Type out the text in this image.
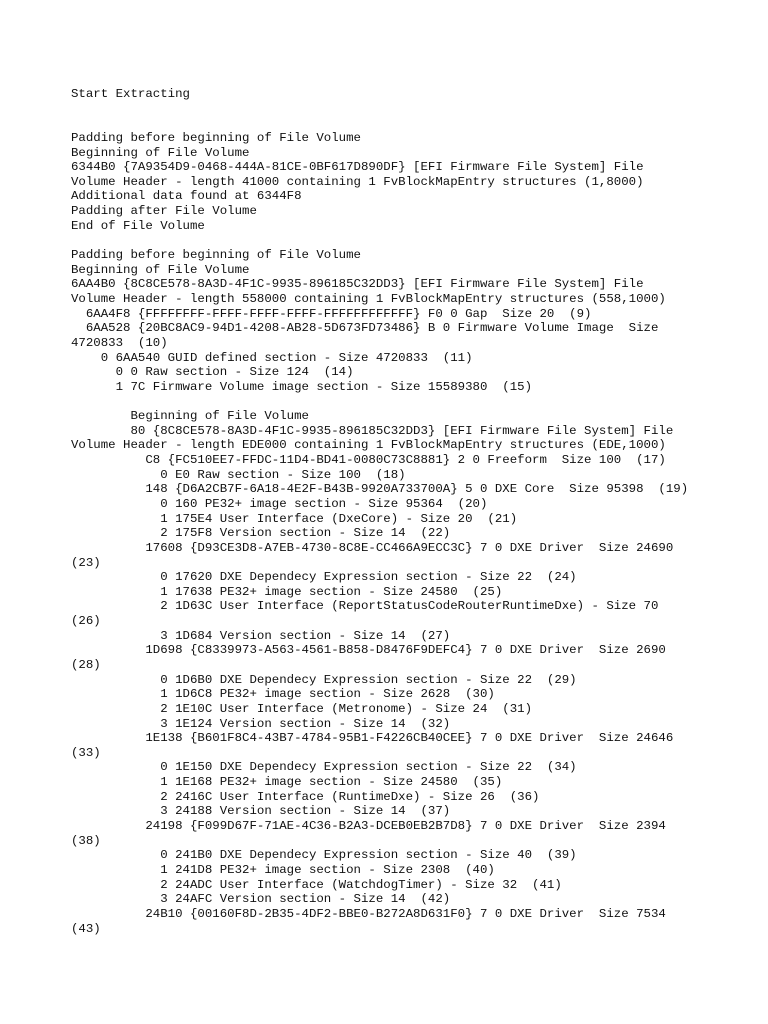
Start Extracting
Padding before beginning of File Volume
Beginning of File Volume
6344B0 {7A9354D9-0468-444A-81CE-0BF617D890DF} [EFI Firmware File System] File
Volume Header - length 41000 containing 1 FvBlockMapEntry structures (1,8000)
Additional data found at 6344F8
Padding after File Volume
End of File Volume
Padding before beginning of File Volume
Beginning of File Volume
6AA4B0 {8C8CE578-8A3D-4F1C-9935-896185C32DD3} [EFI Firmware File System] File
Volume Header - length 558000 containing 1 FvBlockMapEntry structures (558,1000)
6AA4F8 {FFFFFFFF-FFFF-FFFF-FFFF-FFFFFFFFFFFF} F0 0 Gap  Size 20  (9)
6AA528 {20BC8AC9-94D1-4208-AB28-5D673FD73486} B 0 Firmware Volume Image  Size
4720833  (10)
0 6AA540 GUID defined section - Size 4720833  (11)
0 0 Raw section - Size 124  (14)
1 7C Firmware Volume image section - Size 15589380  (15)
Beginning of File Volume
80 {8C8CE578-8A3D-4F1C-9935-896185C32DD3} [EFI Firmware File System] File
Volume Header - length EDE000 containing 1 FvBlockMapEntry structures (EDE,1000)
C8 {FC510EE7-FFDC-11D4-BD41-0080C73C8881} 2 0 Freeform  Size 100  (17)
0 E0 Raw section - Size 100  (18)
148 {D6A2CB7F-6A18-4E2F-B43B-9920A733700A} 5 0 DXE Core  Size 95398  (19)
0 160 PE32+ image section - Size 95364  (20)
1 175E4 User Interface (DxeCore) - Size 20  (21)
2 175F8 Version section - Size 14  (22)
17608 {D93CE3D8-A7EB-4730-8C8E-CC466A9ECC3C} 7 0 DXE Driver  Size 24690
(23)
0 17620 DXE Dependecy Expression section - Size 22  (24)
1 17638 PE32+ image section - Size 24580  (25)
2 1D63C User Interface (ReportStatusCodeRouterRuntimeDxe) - Size 70
(26)
3 1D684 Version section - Size 14  (27)
1D698 {C8339973-A563-4561-B858-D8476F9DEFC4} 7 0 DXE Driver  Size 2690
(28)
0 1D6B0 DXE Dependecy Expression section - Size 22  (29)
1 1D6C8 PE32+ image section - Size 2628  (30)
2 1E10C User Interface (Metronome) - Size 24  (31)
3 1E124 Version section - Size 14  (32)
1E138 {B601F8C4-43B7-4784-95B1-F4226CB40CEE} 7 0 DXE Driver  Size 24646
(33)
0 1E150 DXE Dependecy Expression section - Size 22  (34)
1 1E168 PE32+ image section - Size 24580  (35)
2 2416C User Interface (RuntimeDxe) - Size 26  (36)
3 24188 Version section - Size 14  (37)
24198 {F099D67F-71AE-4C36-B2A3-DCEB0EB2B7D8} 7 0 DXE Driver  Size 2394
(38)
0 241B0 DXE Dependecy Expression section - Size 40  (39)
1 241D8 PE32+ image section - Size 2308  (40)
2 24ADC User Interface (WatchdogTimer) - Size 32  (41)
3 24AFC Version section - Size 14  (42)
24B10 {00160F8D-2B35-4DF2-BBE0-B272A8D631F0} 7 0 DXE Driver  Size 7534
(43)
